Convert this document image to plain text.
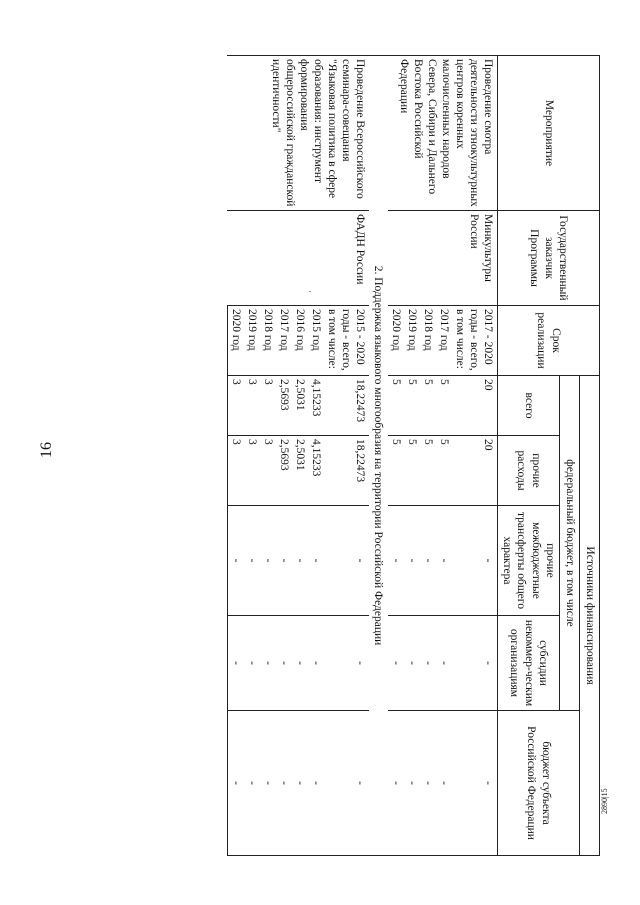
16
2890|15
Мероприятие	Государственный заказчик Программы	Срок реализации	Источники финансирования				
			федеральный бюджет, в том числе				бюджет субъекта Российской Федерации
			всего	прочие расходы	прочие межбюджетные трансферты общего характера	субсидии некоммер-ческим организациям	
Проведение смотра деятельности этнокультурных центров коренных малочисленных народов Севера, Сибири и Дальнего Востока Российской Федерации	Минкультуры России	2017 - 2020 годы - всего, в том числе:	20	20	-	-	-
		2017 год	5	5	-	-	-
		2018 год	5	5	-	-	-
		2019 год	5	5	-	-	-
		2020 год	5	5	-	-	-
2. Поддержка языкового многообразия на территории Российской Федерации							
Проведение Всероссийского семинара-совещания "Языковая политика в сфере образования: инструмент формирования общероссийской гражданской идентичности"	ФАДН России	2015 - 2020 годы - всего, в том числе:	18,22473	18,22473	-	-	-
		2015 год	4,15233	4,15233	-	-	-
		2016 год	2,5031	2,5031	-	-	-
		2017 год	2,5693	2,5693	-	-	-
		2018 год	3	3	-	-	-
		2019 год	3	3	-	-	-
		2020 год	3	3	-	-	-
